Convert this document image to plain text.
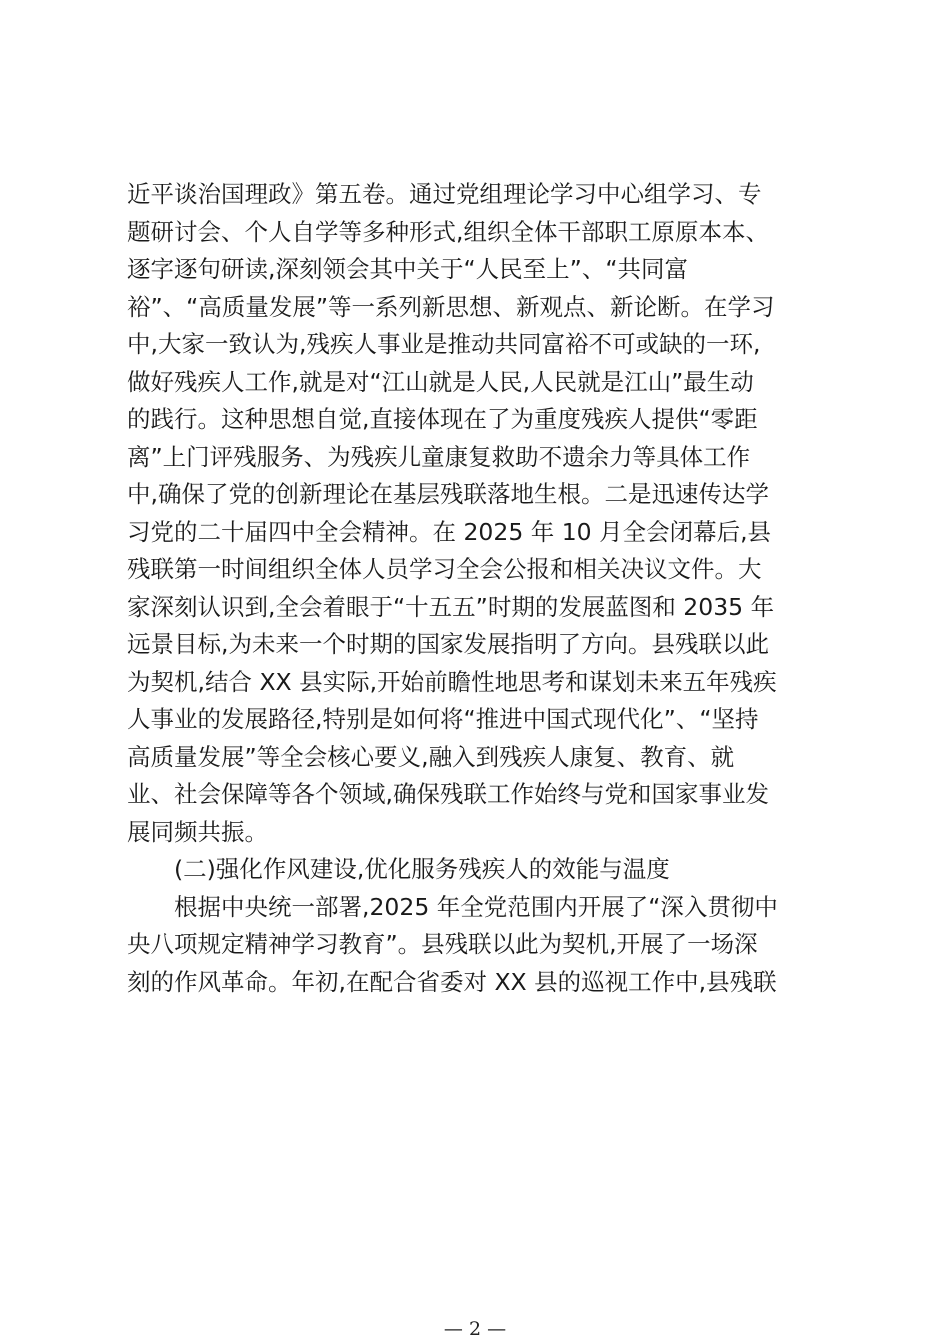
近平谈治国理政》第五卷。通过党组理论学习中心组学习、专
题研讨会、个人自学等多种形式,组织全体干部职工原原本本、
逐字逐句研读,深刻领会其中关于“人民至上”、“共同富
裕”、“高质量发展”等一系列新思想、新观点、新论断。在学习
中,大家一致认为,残疾人事业是推动共同富裕不可或缺的一环,
做好残疾人工作,就是对“江山就是人民,人民就是江山”最生动
的践行。这种思想自觉,直接体现在了为重度残疾人提供“零距
离”上门评残服务、为残疾儿童康复救助不遗余力等具体工作
中,确保了党的创新理论在基层残联落地生根。二是迅速传达学
习党的二十届四中全会精神。在 2025 年 10 月全会闭幕后,县
残联第一时间组织全体人员学习全会公报和相关决议文件。大
家深刻认识到,全会着眼于“十五五”时期的发展蓝图和 2035 年
远景目标,为未来一个时期的国家发展指明了方向。县残联以此
为契机,结合 XX 县实际,开始前瞻性地思考和谋划未来五年残疾
人事业的发展路径,特别是如何将“推进中国式现代化”、“坚持
高质量发展”等全会核心要义,融入到残疾人康复、教育、就
业、社会保障等各个领域,确保残联工作始终与党和国家事业发
展同频共振。
(二)强化作风建设,优化服务残疾人的效能与温度
根据中央统一部署,2025 年全党范围内开展了“深入贯彻中
央八项规定精神学习教育”。县残联以此为契机,开展了一场深
刻的作风革命。年初,在配合省委对 XX 县的巡视工作中,县残联
— 2 —
